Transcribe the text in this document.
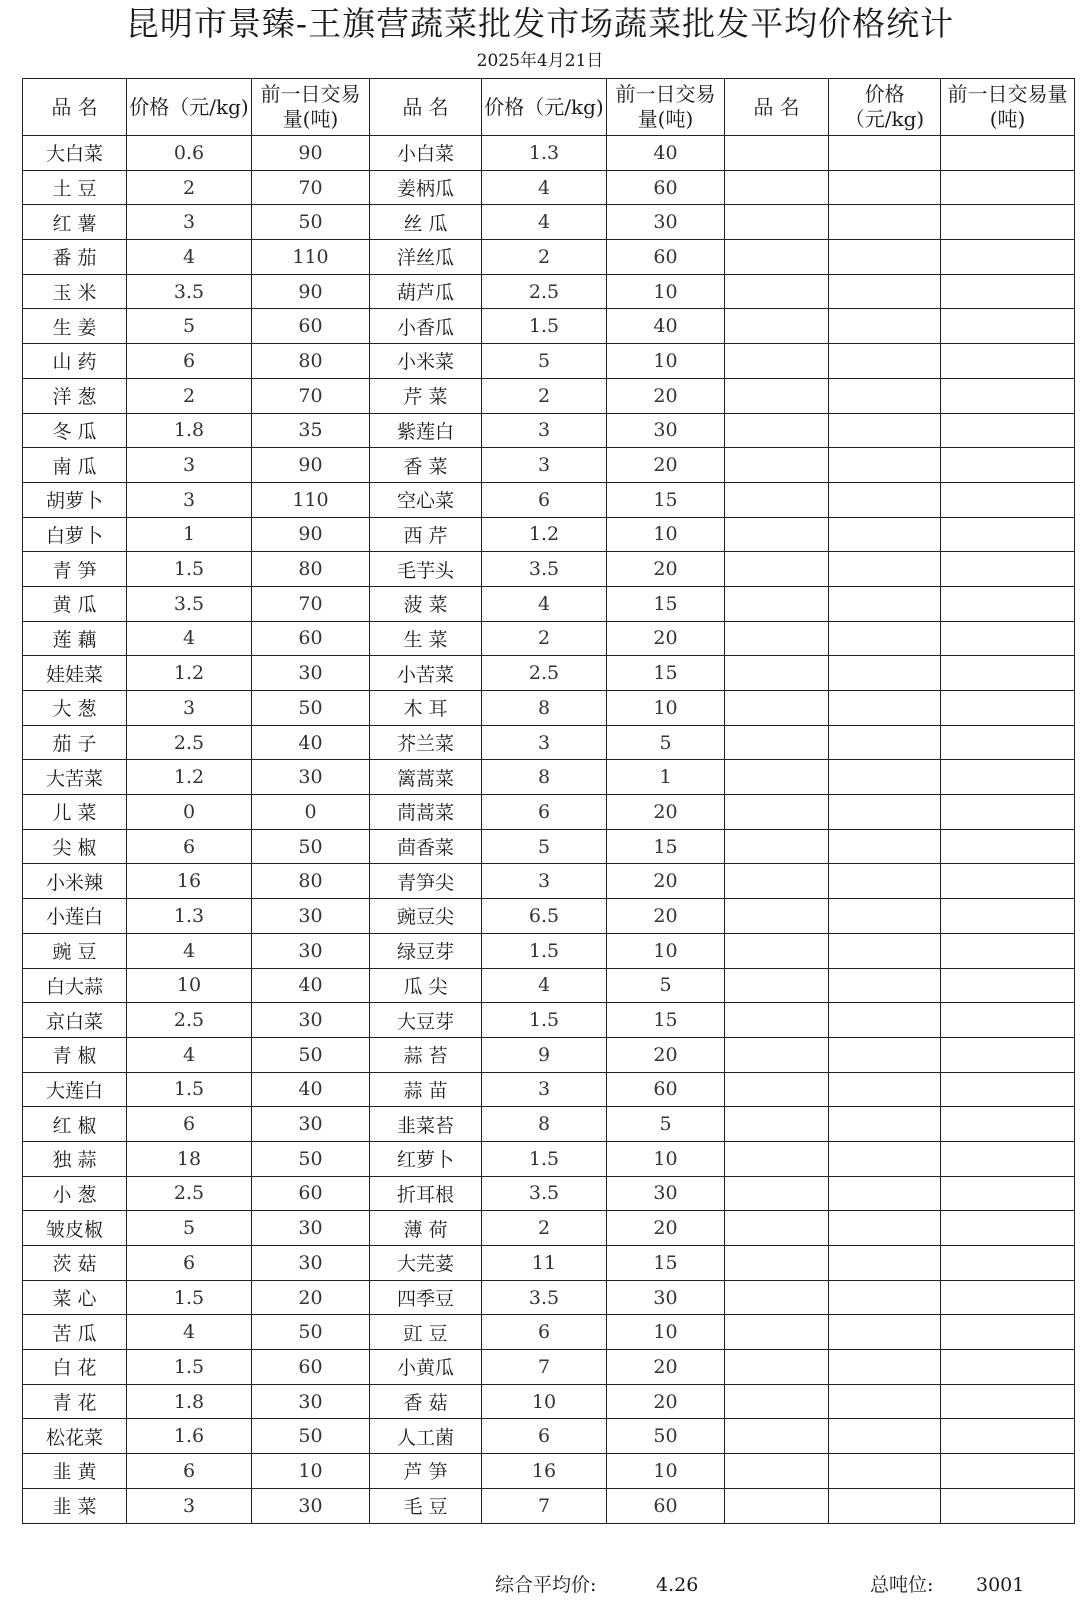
昆明市景臻-王旗营蔬菜批发市场蔬菜批发平均价格统计
2025年4月21日
品 名	价格（元/kg)	前一日交易量(吨)	品 名	价格（元/kg)	前一日交易量(吨)	品 名	价格（元/kg)	前一日交易量(吨)
大白菜	0.6	90	小白菜	1.3	40			
土 豆	2	70	姜柄瓜	4	60			
红 薯	3	50	丝 瓜	4	30			
番 茄	4	110	洋丝瓜	2	60			
玉 米	3.5	90	葫芦瓜	2.5	10			
生 姜	5	60	小香瓜	1.5	40			
山 药	6	80	小米菜	5	10			
洋 葱	2	70	芹 菜	2	20			
冬 瓜	1.8	35	紫莲白	3	30			
南 瓜	3	90	香 菜	3	20			
胡萝卜	3	110	空心菜	6	15			
白萝卜	1	90	西 芹	1.2	10			
青 笋	1.5	80	毛芋头	3.5	20			
黄 瓜	3.5	70	菠 菜	4	15			
莲 藕	4	60	生 菜	2	20			
娃娃菜	1.2	30	小苦菜	2.5	15			
大 葱	3	50	木 耳	8	10			
茄 子	2.5	40	芥兰菜	3	5			
大苦菜	1.2	30	篱蒿菜	8	1			
儿 菜	0	0	茼蒿菜	6	20			
尖 椒	6	50	茴香菜	5	15			
小米辣	16	80	青笋尖	3	20			
小莲白	1.3	30	豌豆尖	6.5	20			
豌 豆	4	30	绿豆芽	1.5	10			
白大蒜	10	40	瓜 尖	4	5			
京白菜	2.5	30	大豆芽	1.5	15			
青 椒	4	50	蒜 苔	9	20			
大莲白	1.5	40	蒜 苗	3	60			
红 椒	6	30	韭菜苔	8	5			
独 蒜	18	50	红萝卜	1.5	10			
小 葱	2.5	60	折耳根	3.5	30			
皱皮椒	5	30	薄 荷	2	20			
茨 菇	6	30	大芫荽	11	15			
菜 心	1.5	20	四季豆	3.5	30			
苦 瓜	4	50	豇 豆	6	10			
白 花	1.5	60	小黄瓜	7	20			
青 花	1.8	30	香 菇	10	20			
松花菜	1.6	50	人工菌	6	50			
韭 黄	6	10	芦 笋	16	10			
韭 菜	3	30	毛 豆	7	60			
综合平均价:	4.26	总吨位: 3001
